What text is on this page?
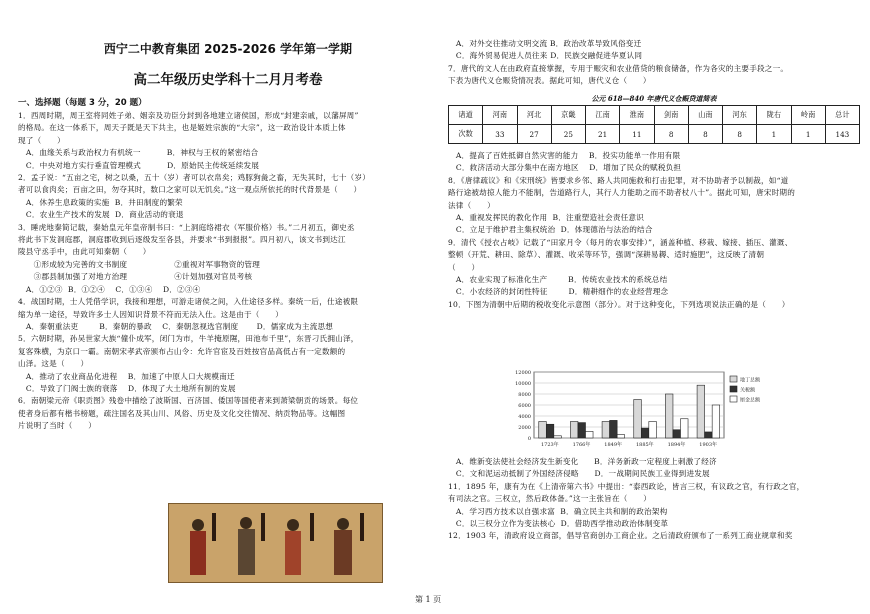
西宁二中教育集团 2025-2026 学年第一学期
高二年级历史学科十二月月考卷
一、选择题（每题 3 分，20 题）
1．西周时期，周王室将同姓子弟、姻亲及功臣分封到各地建立诸侯国，形成“封建亲戚，以藩屏周”
的格局。在这一体系下，周天子既是天下共主，也是姬姓宗族的“大宗”，这一政治设计本质上体
现了（      ）
A．血缘关系与政治权力有机统一          B．神权与王权的紧密结合
C．中央对地方实行垂直管理模式          D．原始民主传统延续发展
2．孟子说：“五亩之宅，树之以桑，五十（岁）者可以衣帛矣；鸡豚狗彘之畜，无失其时，七十（岁）
者可以食肉矣；百亩之田，勿夺其时，数口之家可以无饥矣。”这一观点所依托的时代背景是（      ）
A．休养生息政策的实施  B．井田制度的繁荣
C．农业生产技术的发展  D．商业活动的衰退
3．睡虎地秦简记载，秦始皇元年皇帝制书曰：“上洞庭络裙衣（军服价格）书。”二月初五，御史丞
将此书下发洞庭郡，洞庭郡收到后逐级发至各县，并要求“书到报报”。四月初八，该文书到达江
陵县守丞手中，由此可知秦朝（      ）
①形成较为完善的文书制度                  ②重视对军事物资的管理
③郡县制加强了对地方治理                  ④计划加强对官员考核
A．①②③  B．①②④    C．①③④    D．②③④
4．战国时期，士人凭借学识，我接和理想，可游走诸侯之间，入仕途径多样。秦统一后，仕途被限
缩为单一途径，导致许多士人因知识背景不符而无法入仕。这是由于（      ）
A．秦朝重法吏        B．秦朝的暴政    C．秦朝忽视选官制度       D．儒家成为主流思想
5．六朝时期，孙吴世家大族“僮仆成军，闭门为市，牛羊掩原隰，田池布千里”，东晋刁氏拥山泽，
复客殊横，为京口一霸。南朝宋孝武帝颁布占山令：允许官宦及百姓按官品高低占有一定数额的
山泽。这是（      ）
A．推动了农业商品化进程    B．加速了中原人口大规模南迁
C．导致了门阀士族的衰落    D．体现了大土地所有制的发展
6．南朝梁元帝《职贡图》残卷中描绘了波斯国、百济国、倭国等国使者来到萧梁朝贡的场景。每位
使者身后都有楷书榜题，疏注国名及其山川、风俗、历史及文化交往情况、纳贡物品等。这幅图
片说明了当时（      ）
A．对外交往推动文明交流 B．政治改革导致风俗变迁
C．海外贸易促进人员往来 D．民族交融促进华夏认同
7．唐代的文人在由政府直接掌握，专用于赈灾和农业借贷的粮食储备，作为各灾的主要手段之一。
下表为唐代义仓赈贷情况表。据此可知，唐代义仓（      ）
公元 618—840 年唐代义仓赈贷道简表
诸道	河南	河北	京畿	江南	淮南	剑南	山南	河东	陇右	岭南	总计
次数	33	27	25	21	11	8	8	8	1	1	143
A．提高了百姓抵御自然灾害的能力    B．投实功能单一作用有限
C．救济活动大部分集中在南方地区    D．增加了民众的赋税负担
8．《唐律疏议》和《宋刑统》皆要求乡邻、路人共同施救和打击犯罪，对不协助者予以制裁，如“道
路行途被劫掠人能力不能制，告道路行人，其行人力能助之而不助者杖八十”。据此可知，唐宋时期的
法律（      ）
A．重视发挥民的教化作用  B．注重塑造社会责任意识
C．立足于维护君主集权统治  D．体现德治与法治的结合
9．清代《授衣占岐》记载了“田家月令（每月的农事安排）”，涵盖种植、移栽、嫁接、插压、灌溉、
整顿（开荒、耕田、除草）、灌溉、收采等环节，强调“深耕易耨、适时施肥”，这反映了清朝
（      ）
A．农业实现了标准化生产        B．传统农业技术的系统总结
C．小农经济的封闭性特征        D．精耕细作的农业经营理念
10．下图为清朝中后期的税收变化示意图（部分）。对于这种变化，下列选项说法正确的是（      ）
12000
10000
8000
6000
4000
2000
0
1723年	1766年	1849年	1885年	1894年	1903年
地丁总额
关税额
厘金总额
A．维新变法使社会经济发生新变化      B．洋务新政一定程度上刺激了经济
C．文和泥运动抵制了外国经济侵略      D．一战期间民族工业得到进发展
11．1895 年，康有为在《上清帝第六书》中提出：“泰西政论，皆言三权，有议政之官，有行政之官，
有司法之官。三权立，然后政体备。”这一主张旨在（      ）
A．学习西方技术以自强求富  B．确立民主共和制的政治架构
C．以三权分立作为变法核心  D．借助西学推动政治体制变革
12．1903 年，清政府设立商部，倡导官商创办工商企业。之后清政府颁布了一系列工商业规章和奖
第 1 页
